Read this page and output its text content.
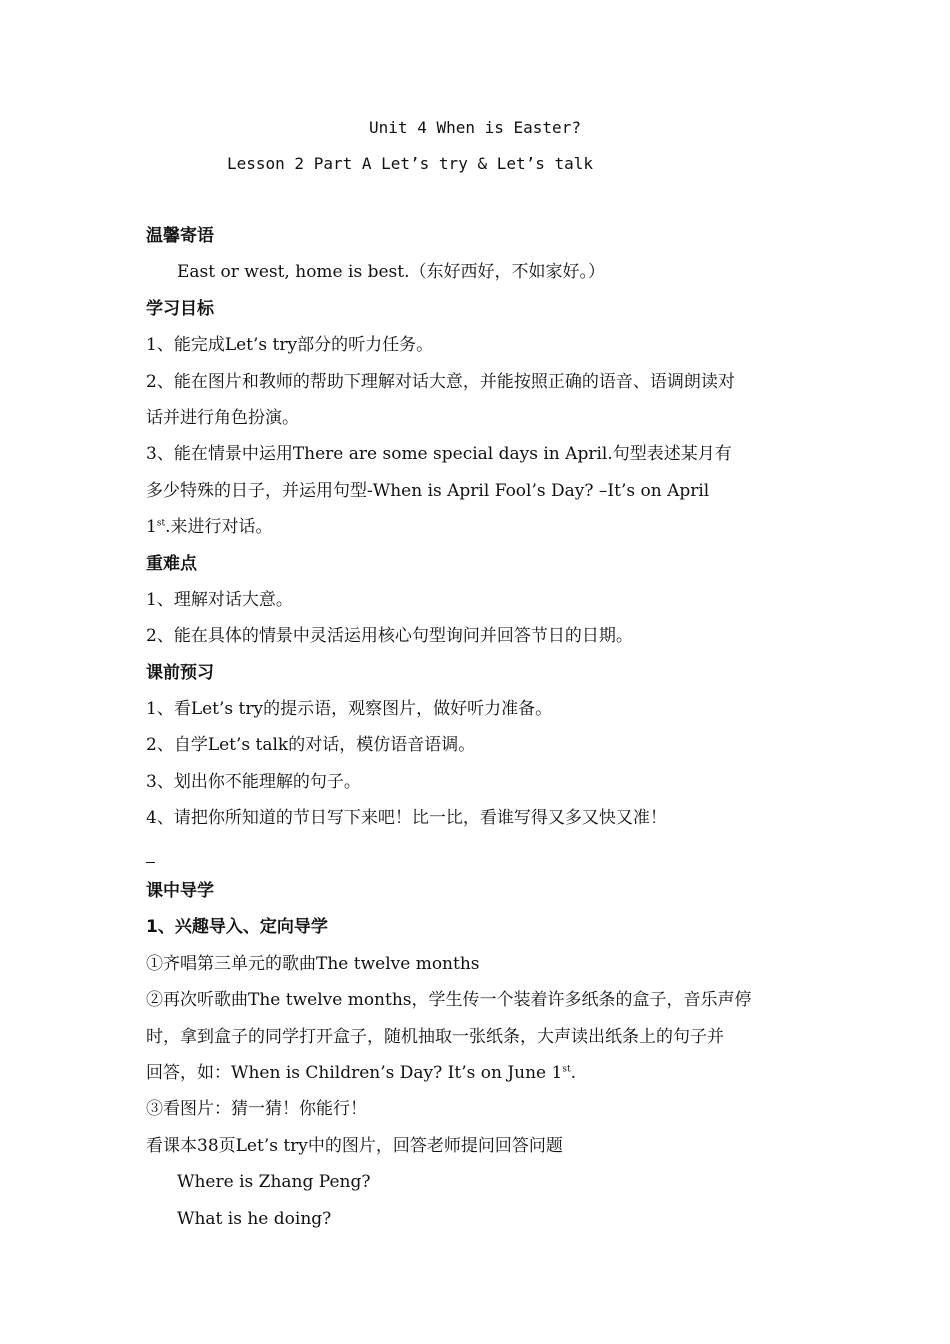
Unit 4 When is Easter?
Lesson 2 Part A Let’s try & Let’s talk
温馨寄语
East or west, home is best.（东好西好，不如家好。）
学习目标
1、能完成Let’s try部分的听力任务。
2、能在图片和教师的帮助下理解对话大意，并能按照正确的语音、语调朗读对
话并进行角色扮演。
3、能在情景中运用There are some special days in April.句型表述某月有
多少特殊的日子，并运用句型-When is April Fool’s Day? –It’s on April
1st.来进行对话。
重难点
1、理解对话大意。
2、能在具体的情景中灵活运用核心句型询问并回答节日的日期。
课前预习
1、看Let’s try的提示语，观察图片，做好听力准备。
2、自学Let’s talk的对话，模仿语音语调。
3、划出你不能理解的句子。
4、请把你所知道的节日写下来吧！比一比，看谁写得又多又快又准！
课中导学
1、兴趣导入、定向导学
①齐唱第三单元的歌曲The twelve months
②再次听歌曲The twelve months，学生传一个装着许多纸条的盒子，音乐声停
时，拿到盒子的同学打开盒子，随机抽取一张纸条，大声读出纸条上的句子并
回答，如：When is Children’s Day? It’s on June 1st.
③看图片：猜一猜！你能行！
看课本38页Let’s try中的图片，回答老师提问回答问题
Where is Zhang Peng?
What is he doing?
